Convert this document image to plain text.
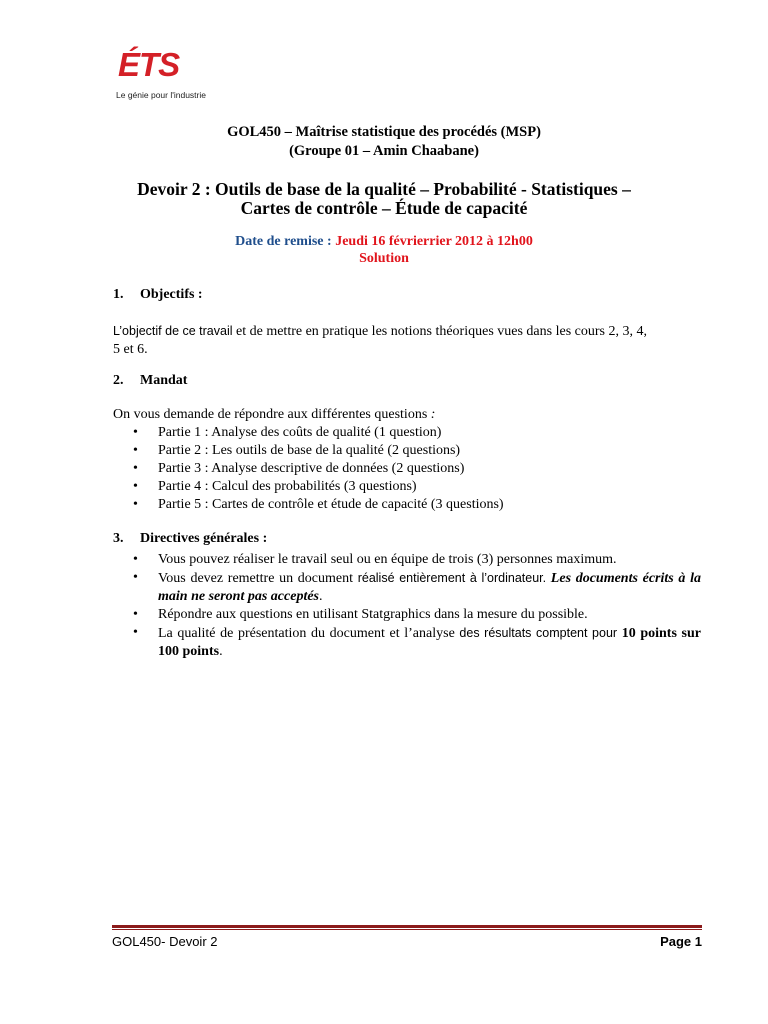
ÉTS
Le génie pour l'industrie
GOL450 – Maîtrise statistique des procédés (MSP)
(Groupe 01 – Amin Chaabane)
Devoir 2 : Outils de base de la qualité – Probabilité - Statistiques –
Cartes de contrôle – Étude de capacité
Date de remise : Jeudi 16 févrierrier 2012 à 12h00
Solution
1. Objectifs :
L’objectif de ce travail et de mettre en pratique les notions théoriques vues dans les cours 2, 3, 4,
5 et 6.
2. Mandat
On vous demande de répondre aux différentes questions :
• Partie 1 : Analyse des coûts de qualité (1 question)
• Partie 2 : Les outils de base de la qualité (2 questions)
• Partie 3 : Analyse descriptive de données (2 questions)
• Partie 4 : Calcul des probabilités (3 questions)
• Partie 5 : Cartes de contrôle et étude de capacité (3 questions)
3. Directives générales :
• Vous pouvez réaliser le travail seul ou en équipe de trois (3) personnes maximum.
• Vous devez remettre un document réalisé entièrement à l’ordinateur. Les documents écrits à la main ne seront pas acceptés.
• Répondre aux questions en utilisant Statgraphics dans la mesure du possible.
• La qualité de présentation du document et l’analyse des résultats comptent pour 10 points sur 100 points.
GOL450- Devoir 2	Page 1
